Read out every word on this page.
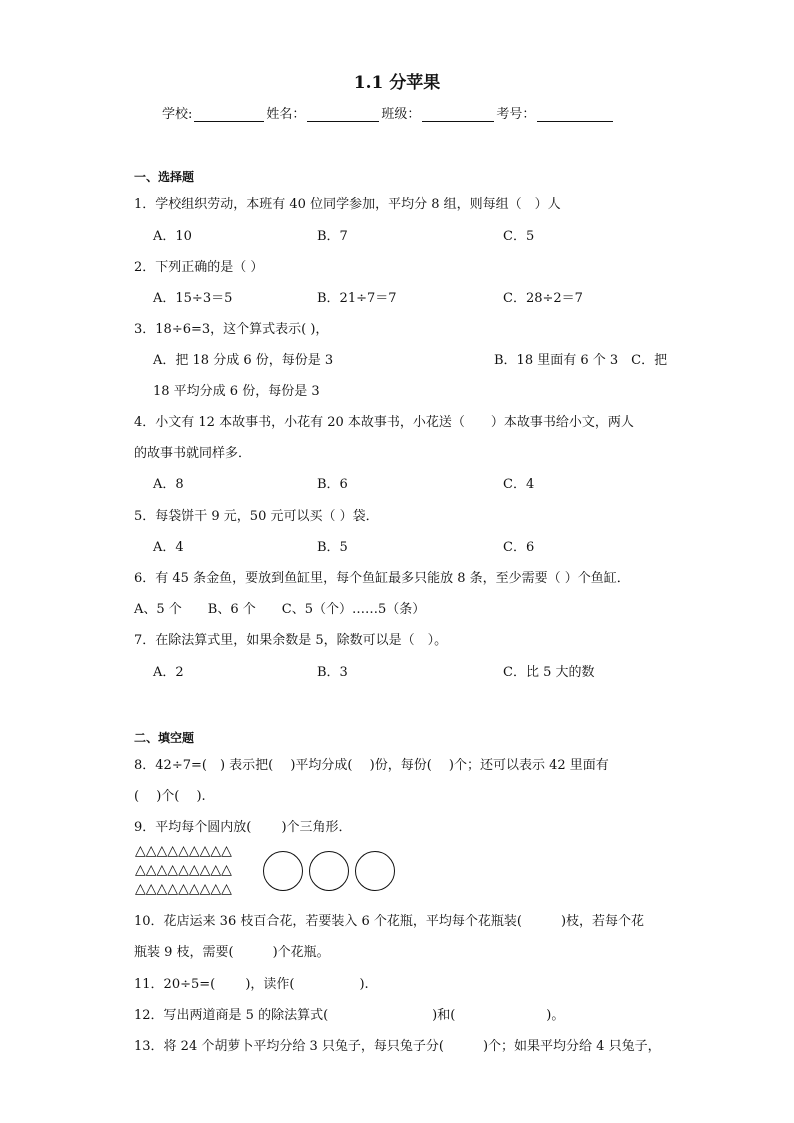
1.1 分苹果
学校:	姓名：	班级：	考号：
一、选择题
1．学校组织劳动，本班有 40 位同学参加，平均分 8 组，则每组（　）人
A．10	B．7	C．5
2．下列正确的是（ ）
A．15÷3＝5	B．21÷7＝7	C．28÷2＝7
3．18÷6=3，这个算式表示( )，
A．把 18 分成 6 份，每份是 3	B．18 里面有 6 个 3　C．把
18 平均分成 6 份，每份是 3
4．小文有 12 本故事书，小花有 20 本故事书，小花送（　　）本故事书给小文，两人
的故事书就同样多．
A．8	B．6	C．4
5．每袋饼干 9 元，50 元可以买（ ）袋．
A．4	B．5	C．6
6．有 45 条金鱼，要放到鱼缸里，每个鱼缸最多只能放 8 条，至少需要（ ）个鱼缸．
A、5 个　　B、6 个　　C、5（个）……5（条）
7．在除法算式里，如果余数是 5，除数可以是（　）。
A．2	B．3	C．比 5 大的数
二、填空题
8．42÷7=(　) 表示把(　 )平均分成(　 )份，每份(　 )个；还可以表示 42 里面有
(　 )个(　 ).
9．平均每个圆内放(　　 )个三角形．
△△△△△△△△△
△△△△△△△△△
△△△△△△△△△
10．花店运来 36 枝百合花，若要装入 6 个花瓶，平均每个花瓶装(　　　)枝，若每个花
瓶装 9 枝，需要(　　　)个花瓶。
11．20÷5=(　　 )，读作(　　　　　).
12．写出两道商是 5 的除法算式(　　　　　　　　)和(　　　　　　　)。
13．将 24 个胡萝卜平均分给 3 只兔子，每只兔子分(　　　)个；如果平均分给 4 只兔子，
